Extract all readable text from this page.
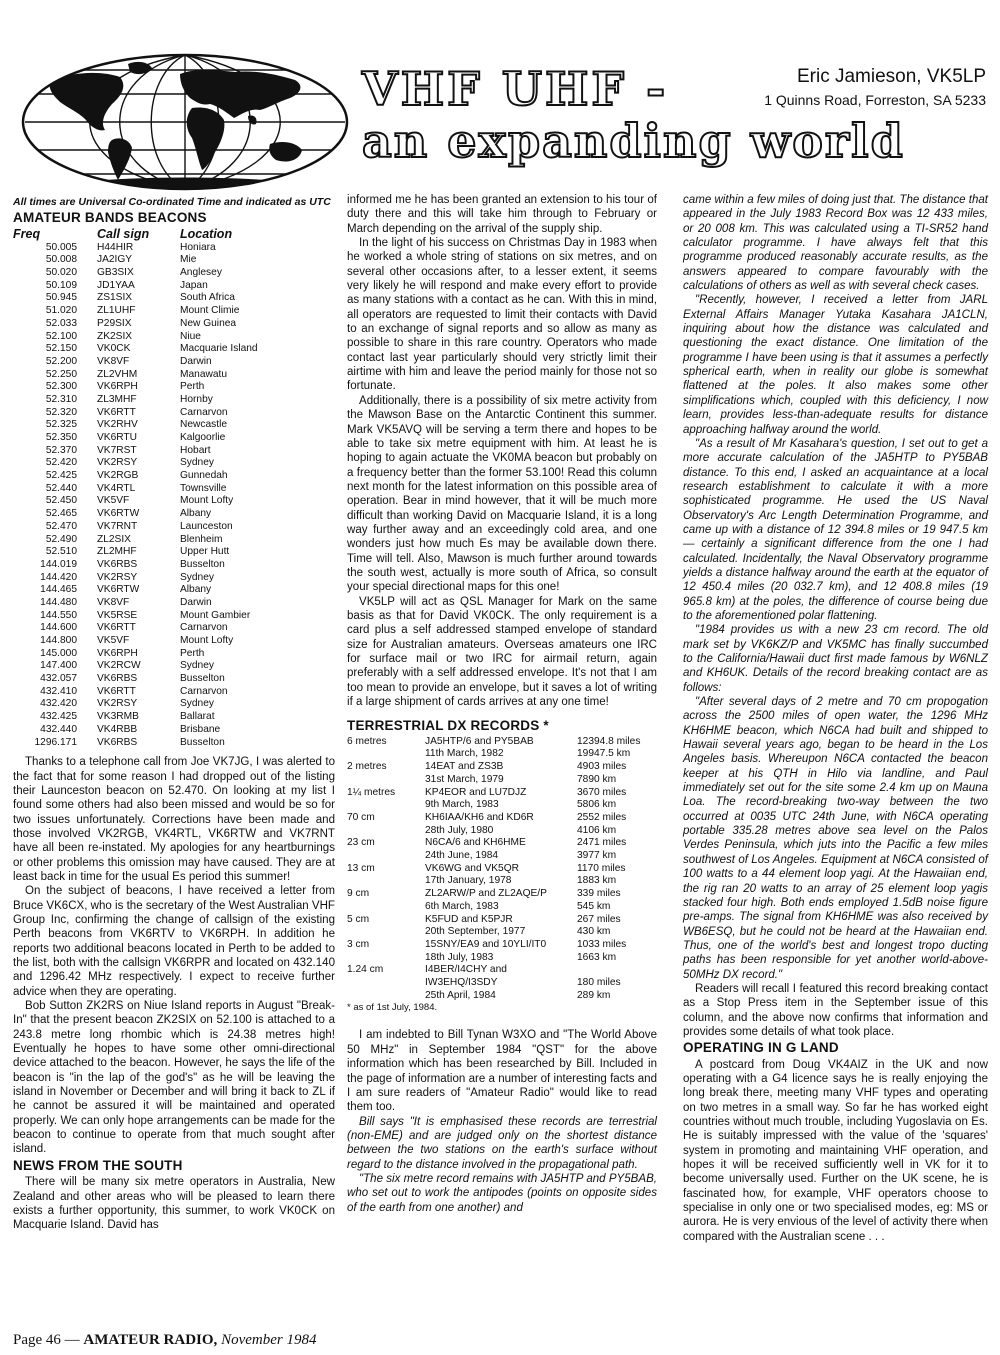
VHF UHF -
an expanding world
Eric Jamieson, VK5LP
1 Quinns Road, Forreston, SA 5233
All times are Universal Co-ordinated Time and indicated as UTC
AMATEUR BANDS BEACONS
Freq	Call sign	Location
50.005	H44HIR	Honiara
50.008	JA2IGY	Mie
50.020	GB3SIX	Anglesey
50.109	JD1YAA	Japan
50.945	ZS1SIX	South Africa
51.020	ZL1UHF	Mount Climie
52.033	P29SIX	New Guinea
52.100	ZK2SIX	Niue
52.150	VK0CK	Macquarie Island
52.200	VK8VF	Darwin
52.250	ZL2VHM	Manawatu
52.300	VK6RPH	Perth
52.310	ZL3MHF	Hornby
52.320	VK6RTT	Carnarvon
52.325	VK2RHV	Newcastle
52.350	VK6RTU	Kalgoorlie
52.370	VK7RST	Hobart
52.420	VK2RSY	Sydney
52.425	VK2RGB	Gunnedah
52.440	VK4RTL	Townsville
52.450	VK5VF	Mount Lofty
52.465	VK6RTW	Albany
52.470	VK7RNT	Launceston
52.490	ZL2SIX	Blenheim
52.510	ZL2MHF	Upper Hutt
144.019	VK6RBS	Busselton
144.420	VK2RSY	Sydney
144.465	VK6RTW	Albany
144.480	VK8VF	Darwin
144.550	VK5RSE	Mount Gambier
144.600	VK6RTT	Carnarvon
144.800	VK5VF	Mount Lofty
145.000	VK6RPH	Perth
147.400	VK2RCW	Sydney
432.057	VK6RBS	Busselton
432.410	VK6RTT	Carnarvon
432.420	VK2RSY	Sydney
432.425	VK3RMB	Ballarat
432.440	VK4RBB	Brisbane
1296.171	VK6RBS	Busselton

Thanks to a telephone call from Joe VK7JG, I was alerted to the fact that for some reason I had dropped out of the listing their Launceston beacon on 52.470. On looking at my list I found some others had also been missed and would be so for two issues unfortunately. Corrections have been made and those involved VK2RGB, VK4RTL, VK6RTW and VK7RNT have all been re-instated. My apologies for any heartburnings or other problems this omission may have caused. They are at least back in time for the usual Es period this summer!

On the subject of beacons, I have received a letter from Bruce VK6CX, who is the secretary of the West Australian VHF Group Inc, confirming the change of callsign of the existing Perth beacons from VK6RTV to VK6RPH. In addition he reports two additional beacons located in Perth to be added to the list, both with the callsign VK6RPR and located on 432.140 and 1296.42 MHz respectively. I expect to receive further advice when they are operating.

Bob Sutton ZK2RS on Niue Island reports in August "Break-In" that the present beacon ZK2SIX on 52.100 is attached to a 243.8 metre long rhombic which is 24.38 metres high! Eventually he hopes to have some other omni-directional device attached to the beacon. However, he says the life of the beacon is "in the lap of the god's" as he will be leaving the island in November or December and will bring it back to ZL if he cannot be assured it will be maintained and operated properly. We can only hope arrangements can be made for the beacon to continue to operate from that much sought after island.

NEWS FROM THE SOUTH

There will be many six metre operators in Australia, New Zealand and other areas who will be pleased to learn there exists a further opportunity, this summer, to work VK0CK on Macquarie Island. David has

informed me he has been granted an extension to his tour of duty there and this will take him through to February or March depending on the arrival of the supply ship.

In the light of his success on Christmas Day in 1983 when he worked a whole string of stations on six metres, and on several other occasions after, to a lesser extent, it seems very likely he will respond and make every effort to provide as many stations with a contact as he can. With this in mind, all operators are requested to limit their contacts with David to an exchange of signal reports and so allow as many as possible to share in this rare country. Operators who made contact last year particularly should very strictly limit their airtime with him and leave the period mainly for those not so fortunate.

Additionally, there is a possibility of six metre activity from the Mawson Base on the Antarctic Continent this summer. Mark VK5AVQ will be serving a term there and hopes to be able to take six metre equipment with him. At least he is hoping to again actuate the VK0MA beacon but probably on a frequency better than the former 53.100! Read this column next month for the latest information on this possible area of operation. Bear in mind however, that it will be much more difficult than working David on Macquarie Island, it is a long way further away and an exceedingly cold area, and one wonders just how much Es may be available down there. Time will tell. Also, Mawson is much further around towards the south west, actually is more south of Africa, so consult your special directional maps for this one!

VK5LP will act as QSL Manager for Mark on the same basis as that for David VK0CK. The only requirement is a card plus a self addressed stamped envelope of standard size for Australian amateurs. Overseas amateurs one IRC for surface mail or two IRC for airmail return, again preferably with a self addressed envelope. It's not that I am too mean to provide an envelope, but it saves a lot of writing if a large shipment of cards arrives at any one time!

TERRESTRIAL DX RECORDS *
6 metres	JA5HTP/6 and PY5BAB	12394.8 miles
	11th March, 1982	19947.5 km
2 metres	14EAT and ZS3B	4903 miles
	31st March, 1979	7890 km
1¼ metres	KP4EOR and LU7DJZ	3670 miles
	9th March, 1983	5806 km
70 cm	KH6IAA/KH6 and KD6R	2552 miles
	28th July, 1980	4106 km
23 cm	N6CA/6 and KH6HME	2471 miles
	24th June, 1984	3977 km
13 cm	VK6WG and VK5QR	1170 miles
	17th January, 1978	1883 km
9 cm	ZL2ARW/P and ZL2AQE/P	339 miles
	6th March, 1983	545 km
5 cm	K5FUD and K5PJR	267 miles
	20th September, 1977	430 km
3 cm	15SNY/EA9 and 10YLI/IT0	1033 miles
	18th July, 1983	1663 km
1.24 cm	I4BER/I4CHY and	
	IW3EHQ/I3SDY	180 miles
	25th April, 1984	289 km
* as of 1st July, 1984.

I am indebted to Bill Tynan W3XO and "The World Above 50 MHz" in September 1984 "QST" for the above information which has been researched by Bill. Included in the page of information are a number of interesting facts and I am sure readers of "Amateur Radio" would like to read them too.

Bill says "It is emphasised these records are terrestrial (non-EME) and are judged only on the shortest distance between the two stations on the earth's surface without regard to the distance involved in the propagational path.

"The six metre record remains with JA5HTP and PY5BAB, who set out to work the antipodes (points on opposite sides of the earth from one another) and

came within a few miles of doing just that. The distance that appeared in the July 1983 Record Box was 12 433 miles, or 20 008 km. This was calculated using a TI-SR52 hand calculator programme. I have always felt that this programme produced reasonably accurate results, as the answers appeared to compare favourably with the calculations of others as well as with several check cases.

"Recently, however, I received a letter from JARL External Affairs Manager Yutaka Kasahara JA1CLN, inquiring about how the distance was calculated and questioning the exact distance. One limitation of the programme I have been using is that it assumes a perfectly spherical earth, when in reality our globe is somewhat flattened at the poles. It also makes some other simplifications which, coupled with this deficiency, I now learn, provides less-than-adequate results for distance approaching halfway around the world.

"As a result of Mr Kasahara's question, I set out to get a more accurate calculation of the JA5HTP to PY5BAB distance. To this end, I asked an acquaintance at a local research establishment to calculate it with a more sophisticated programme. He used the US Naval Observatory's Arc Length Determination Programme, and came up with a distance of 12 394.8 miles or 19 947.5 km — certainly a significant difference from the one I had calculated. Incidentally, the Naval Observatory programme yields a distance halfway around the earth at the equator of 12 450.4 miles (20 032.7 km), and 12 408.8 miles (19 965.8 km) at the poles, the difference of course being due to the aforementioned polar flattening.

"1984 provides us with a new 23 cm record. The old mark set by VK6KZ/P and VK5MC has finally succumbed to the California/Hawaii duct first made famous by W6NLZ and KH6UK. Details of the record breaking contact are as follows:

"After several days of 2 metre and 70 cm propogation across the 2500 miles of open water, the 1296 MHz KH6HME beacon, which N6CA had built and shipped to Hawaii several years ago, began to be heard in the Los Angeles basis. Whereupon N6CA contacted the beacon keeper at his QTH in Hilo via landline, and Paul immediately set out for the site some 2.4 km up on Mauna Loa. The record-breaking two-way between the two occurred at 0035 UTC 24th June, with N6CA operating portable 335.28 metres above sea level on the Palos Verdes Peninsula, which juts into the Pacific a few miles southwest of Los Angeles. Equipment at N6CA consisted of 100 watts to a 44 element loop yagi. At the Hawaiian end, the rig ran 20 watts to an array of 25 element loop yagis stacked four high. Both ends employed 1.5dB noise figure pre-amps. The signal from KH6HME was also received by WB6ESQ, but he could not be heard at the Hawaiian end. Thus, one of the world's best and longest tropo ducting paths has been responsible for yet another world-above-50MHz DX record."

Readers will recall I featured this record breaking contact as a Stop Press item in the September issue of this column, and the above now confirms that information and provides some details of what took place.

OPERATING IN G LAND

A postcard from Doug VK4AIZ in the UK and now operating with a G4 licence says he is really enjoying the long break there, meeting many VHF types and operating on two metres in a small way. So far he has worked eight countries without much trouble, including Yugoslavia on Es. He is suitably impressed with the value of the 'squares' system in promoting and maintaining VHF operation, and hopes it will be received sufficiently well in VK for it to become universally used. Further on the UK scene, he is fascinated how, for example, VHF operators choose to specialise in only one or two specialised modes, eg: MS or aurora. He is very envious of the level of activity there when compared with the Australian scene . . .

Page 46 — AMATEUR RADIO, November 1984
